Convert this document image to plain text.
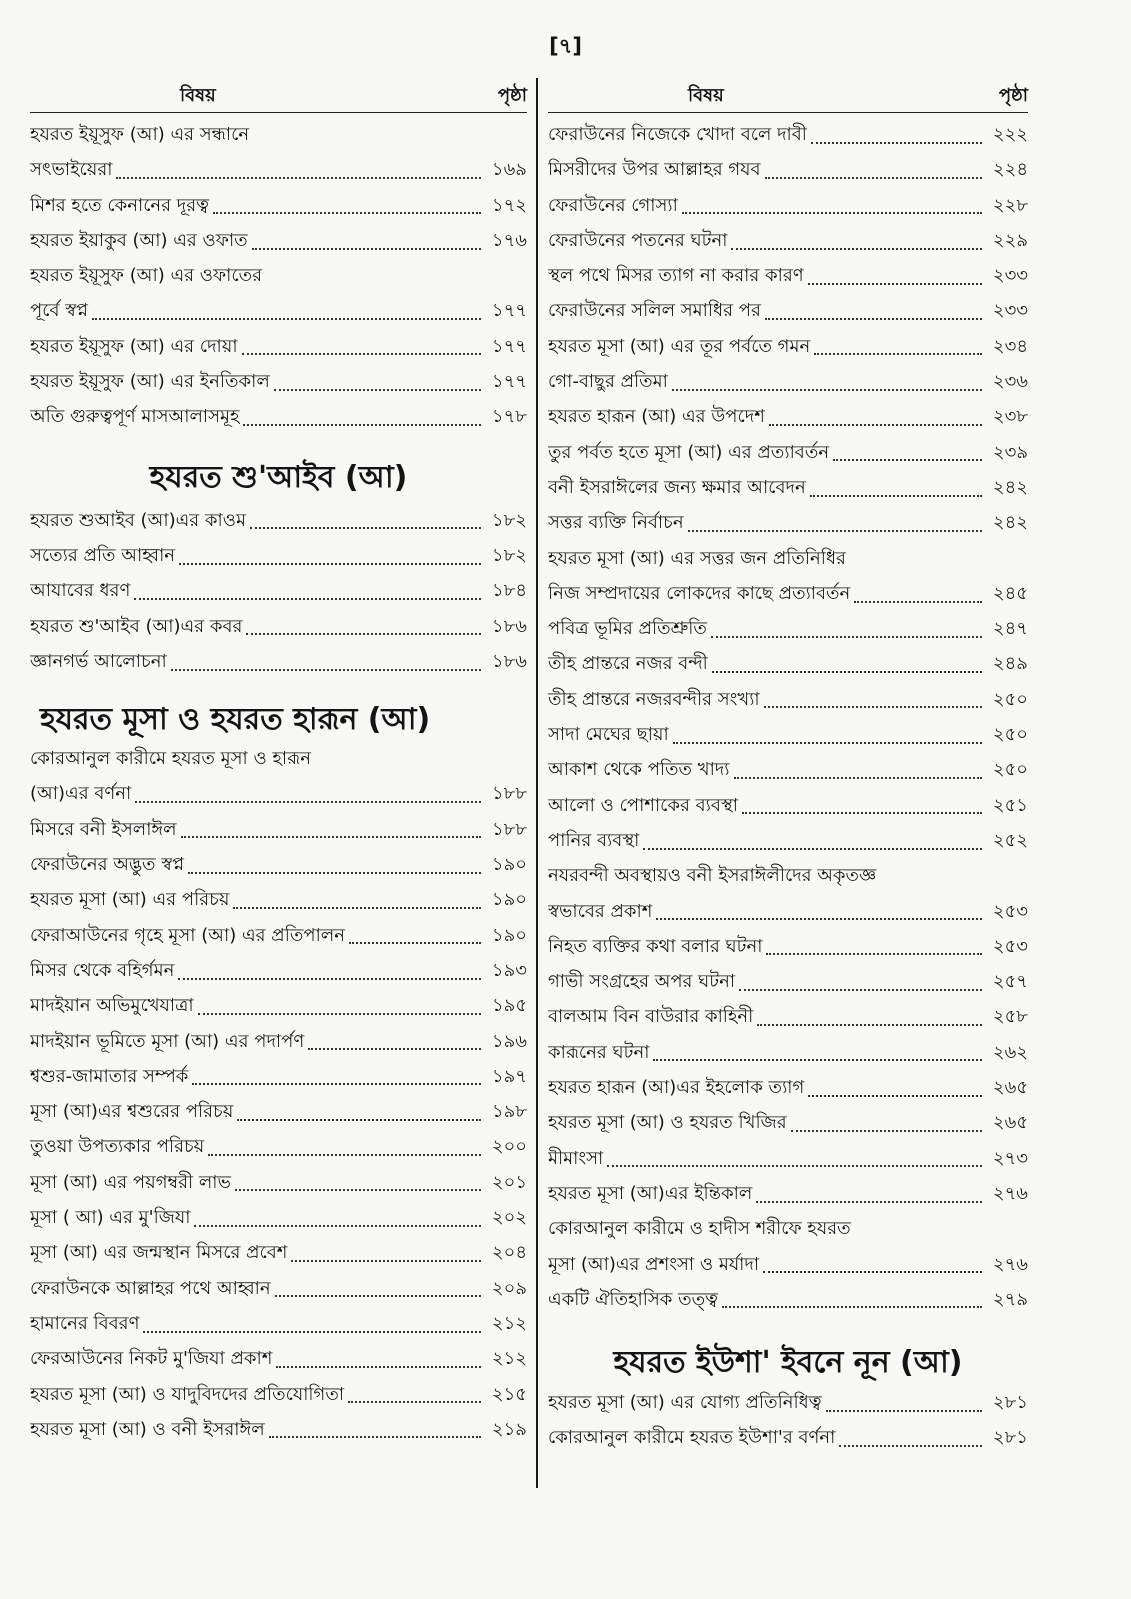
[৭]
বিষয়	পৃষ্ঠা
হযরত ইয়ূসুফ (আ) এর সন্ধানে
সৎভাইয়েরা	১৬৯
মিশর হতে কেনানের দূরত্ব	১৭২
হযরত ইয়াকুব (আ) এর ওফাত	১৭৬
হযরত ইয়ূসুফ (আ) এর ওফাতের
পূর্বে স্বপ্ন	১৭৭
হযরত ইয়ূসুফ (আ) এর দোয়া	১৭৭
হযরত ইয়ূসুফ (আ) এর ইনতিকাল	১৭৭
অতি গুরুত্বপূর্ণ মাসআলাসমূহ	১৭৮
হযরত শু'আইব (আ)
হযরত শুআইব (আ)এর কাওম	১৮২
সত্যের প্রতি আহ্বান	১৮২
আযাবের ধরণ	১৮৪
হযরত শু'আইব (আ)এর কবর	১৮৬
জ্ঞানগর্ভ আলোচনা	১৮৬
হযরত মূসা ও হযরত হারূন (আ)
কোরআনুল কারীমে হযরত মূসা ও হারূন
(আ)এর বর্ণনা	১৮৮
মিসরে বনী ইসলাঈল	১৮৮
ফেরাউনের অদ্ভুত স্বপ্ন	১৯০
হযরত মূসা (আ) এর পরিচয়	১৯০
ফেরাআউনের গৃহে মূসা (আ) এর প্রতিপালন	১৯০
মিসর থেকে বহির্গমন	১৯৩
মাদইয়ান অভিমুখেযাত্রা	১৯৫
মাদইয়ান ভূমিতে মূসা (আ) এর পদার্পণ	১৯৬
শ্বশুর-জামাতার সম্পর্ক	১৯৭
মূসা (আ)এর শ্বশুরের পরিচয়	১৯৮
তুওয়া উপত্যকার পরিচয়	২০০
মূসা (আ) এর পয়গম্বরী লাভ	২০১
মূসা ( আ) এর মু'জিযা	২০২
মূসা (আ) এর জন্মস্থান মিসরে প্রবেশ	২০৪
ফেরাউনকে আল্লাহর পথে আহ্বান	২০৯
হামানের বিবরণ	২১২
ফেরআউনের নিকট মু'জিযা প্রকাশ	২১২
হযরত মূসা (আ) ও যাদুবিদদের প্রতিযোগিতা	২১৫
হযরত মূসা (আ) ও বনী ইসরাঈল	২১৯
বিষয়	পৃষ্ঠা
ফেরাউনের নিজেকে খোদা বলে দাবী	২২২
মিসরীদের উপর আল্লাহর গযব	২২৪
ফেরাউনের গোস্যা	২২৮
ফেরাউনের পতনের ঘটনা	২২৯
স্থল পথে মিসর ত্যাগ না করার কারণ	২৩৩
ফেরাউনের সলিল সমাধির পর	২৩৩
হযরত মূসা (আ) এর তূর পর্বতে গমন	২৩৪
গো-বাছুর প্রতিমা	২৩৬
হযরত হারূন (আ) এর উপদেশ	২৩৮
তুর পর্বত হতে মূসা (আ) এর প্রত্যাবর্তন	২৩৯
বনী ইসরাঈলের জন্য ক্ষমার আবেদন	২৪২
সত্তর ব্যক্তি নির্বাচন	২৪২
হযরত মূসা (আ) এর সত্তর জন প্রতিনিধির
নিজ সম্প্রদায়ের লোকদের কাছে প্রত্যাবর্তন	২৪৫
পবিত্র ভূমির প্রতিশ্রুতি	২৪৭
তীহ প্রান্তরে নজর বন্দী	২৪৯
তীহ প্রান্তরে নজরবন্দীর সংখ্যা	২৫০
সাদা মেঘের ছায়া	২৫০
আকাশ থেকে পতিত খাদ্য	২৫০
আলো ও পোশাকের ব্যবস্থা	২৫১
পানির ব্যবস্থা	২৫২
নযরবন্দী অবস্থায়ও বনী ইসরাঈলীদের অকৃতজ্ঞ
স্বভাবের প্রকাশ	২৫৩
নিহত ব্যক্তির কথা বলার ঘটনা	২৫৩
গাভী সংগ্রহের অপর ঘটনা	২৫৭
বালআম বিন বাউরার কাহিনী	২৫৮
কারূনের ঘটনা	২৬২
হযরত হারূন (আ)এর ইহলোক ত্যাগ	২৬৫
হযরত মূসা (আ) ও হযরত খিজির	২৬৫
মীমাংসা	২৭৩
হযরত মূসা (আ)এর ইন্তিকাল	২৭৬
কোরআনুল কারীমে ও হাদীস শরীফে হযরত
মূসা (আ)এর প্রশংসা ও মর্যাদা	২৭৬
একটি ঐতিহাসিক তত্ত্ব	২৭৯
হযরত ইউশা' ইবনে নূন (আ)
হযরত মূসা (আ) এর যোগ্য প্রতিনিধিত্ব	২৮১
কোরআনুল কারীমে হযরত ইউশা'র বর্ণনা	২৮১
